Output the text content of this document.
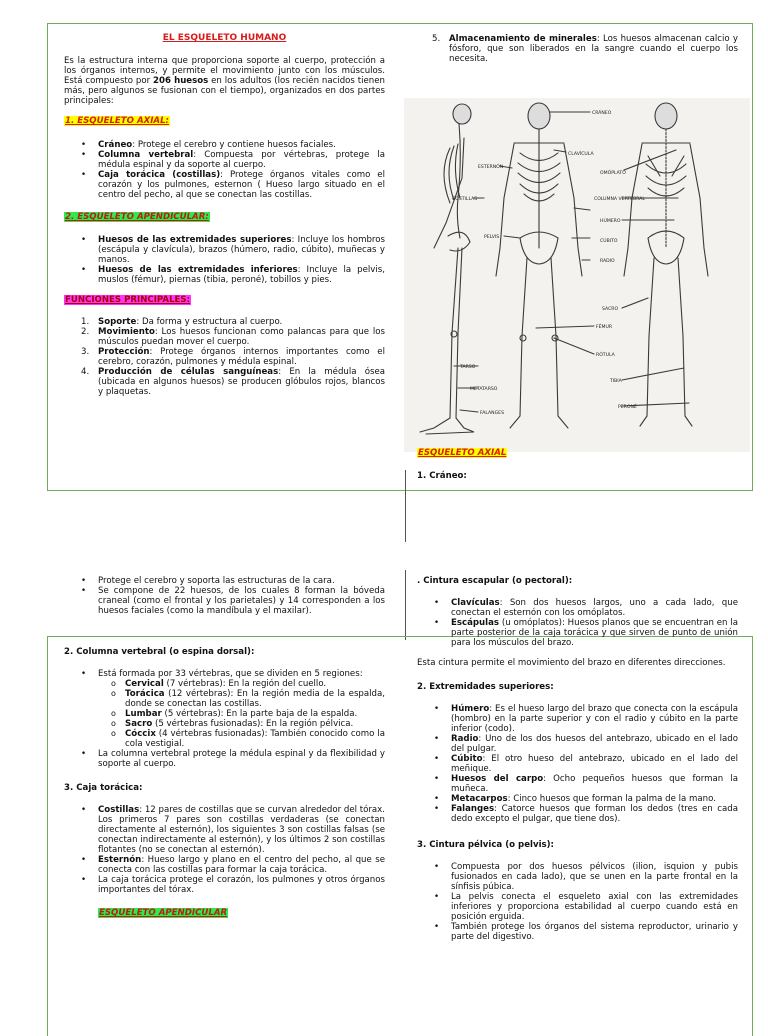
EL ESQUELETO HUMANO

Es la estructura interna que proporciona soporte al cuerpo, protección a los órganos internos, y permite el movimiento junto con los músculos. Está compuesto por 206 huesos en los adultos (los recién nacidos tienen más, pero algunos se fusionan con el tiempo), organizados en dos partes principales:

1. ESQUELETO AXIAL:
• Cráneo: Protege el cerebro y contiene huesos faciales.
• Columna vertebral: Compuesta por vértebras, protege la médula espinal y da soporte al cuerpo.
• Caja torácica (costillas): Protege órganos vitales como el corazón y los pulmones, esternon ( Hueso largo situado en el centro del pecho, al que se conectan las costillas.
2. ESQUELETO APENDICULAR:
• Huesos de las extremidades superiores: Incluye los hombros (escápula y clavícula), brazos (húmero, radio, cúbito), muñecas y manos.
• Huesos de las extremidades inferiores: Incluye la pelvis, muslos (fémur), piernas (tibia, peroné), tobillos y pies.
FUNCIONES PRINCIPALES:
1. Soporte: Da forma y estructura al cuerpo.
2. Movimiento: Los huesos funcionan como palancas para que los músculos puedan mover el cuerpo.
3. Protección: Protege órganos internos importantes como el cerebro, corazón, pulmones y médula espinal.
4. Producción de células sanguíneas: En la médula ósea (ubicada en algunos huesos) se producen glóbulos rojos, blancos y plaquetas.
5. Almacenamiento de minerales: Los huesos almacenan calcio y fósforo, que son liberados en la sangre cuando el cuerpo los necesita.
CRÁNEO
CLAVÍCULA
OMÓPLATO
ESTERNÓN
COSTILLAS	COLUMNA VERTEBRAL
HÚMERO
PELVIS
CÚBITO
RADIO
SACRO
FÉMUR
RÓTULA
TIBIA
PERONÉ
TARSO
METATARSO
FALANGES
ESQUELETO AXIAL
1. Cráneo:
• Protege el cerebro y soporta las estructuras de la cara.
• Se compone de 22 huesos, de los cuales 8 forman la bóveda craneal (como el frontal y los parietales) y 14 corresponden a los huesos faciales (como la mandíbula y el maxilar).
2. Columna vertebral (o espina dorsal):
• Está formada por 33 vértebras, que se dividen en 5 regiones:
o Cervical (7 vértebras): En la región del cuello.
o Torácica (12 vértebras): En la región media de la espalda, donde se conectan las costillas.
o Lumbar (5 vértebras): En la parte baja de la espalda.
o Sacro (5 vértebras fusionadas): En la región pélvica.
o Cóccix (4 vértebras fusionadas): También conocido como la cola vestigial.
• La columna vertebral protege la médula espinal y da flexibilidad y soporte al cuerpo.
3. Caja torácica:
• Costillas: 12 pares de costillas que se curvan alrededor del tórax. Los primeros 7 pares son costillas verdaderas (se conectan directamente al esternón), los siguientes 3 son costillas falsas (se conectan indirectamente al esternón), y los últimos 2 son costillas flotantes (no se conectan al esternón).
• Esternón: Hueso largo y plano en el centro del pecho, al que se conecta con las costillas para formar la caja torácica.
• La caja torácica protege el corazón, los pulmones y otros órganos importantes del tórax.
ESQUELETO APENDICULAR
. Cintura escapular (o pectoral):
• Clavículas: Son dos huesos largos, uno a cada lado, que conectan el esternón con los omóplatos.
• Escápulas (u omóplatos): Huesos planos que se encuentran en la parte posterior de la caja torácica y que sirven de punto de unión para los músculos del brazo.

Esta cintura permite el movimiento del brazo en diferentes direcciones.

2. Extremidades superiores:
• Húmero: Es el hueso largo del brazo que conecta con la escápula (hombro) en la parte superior y con el radio y cúbito en la parte inferior (codo).
• Radio: Uno de los dos huesos del antebrazo, ubicado en el lado del pulgar.
• Cúbito: El otro hueso del antebrazo, ubicado en el lado del meñique.
• Huesos del carpo: Ocho pequeños huesos que forman la muñeca.
• Metacarpos: Cinco huesos que forman la palma de la mano.
• Falanges: Catorce huesos que forman los dedos (tres en cada dedo excepto el pulgar, que tiene dos).
3. Cintura pélvica (o pelvis):
• Compuesta por dos huesos pélvicos (ilion, isquion y pubis fusionados en cada lado), que se unen en la parte frontal en la sínfisis púbica.
• La pelvis conecta el esqueleto axial con las extremidades inferiores y proporciona estabilidad al cuerpo cuando está en posición erguida.
• También protege los órganos del sistema reproductor, urinario y parte del digestivo.
